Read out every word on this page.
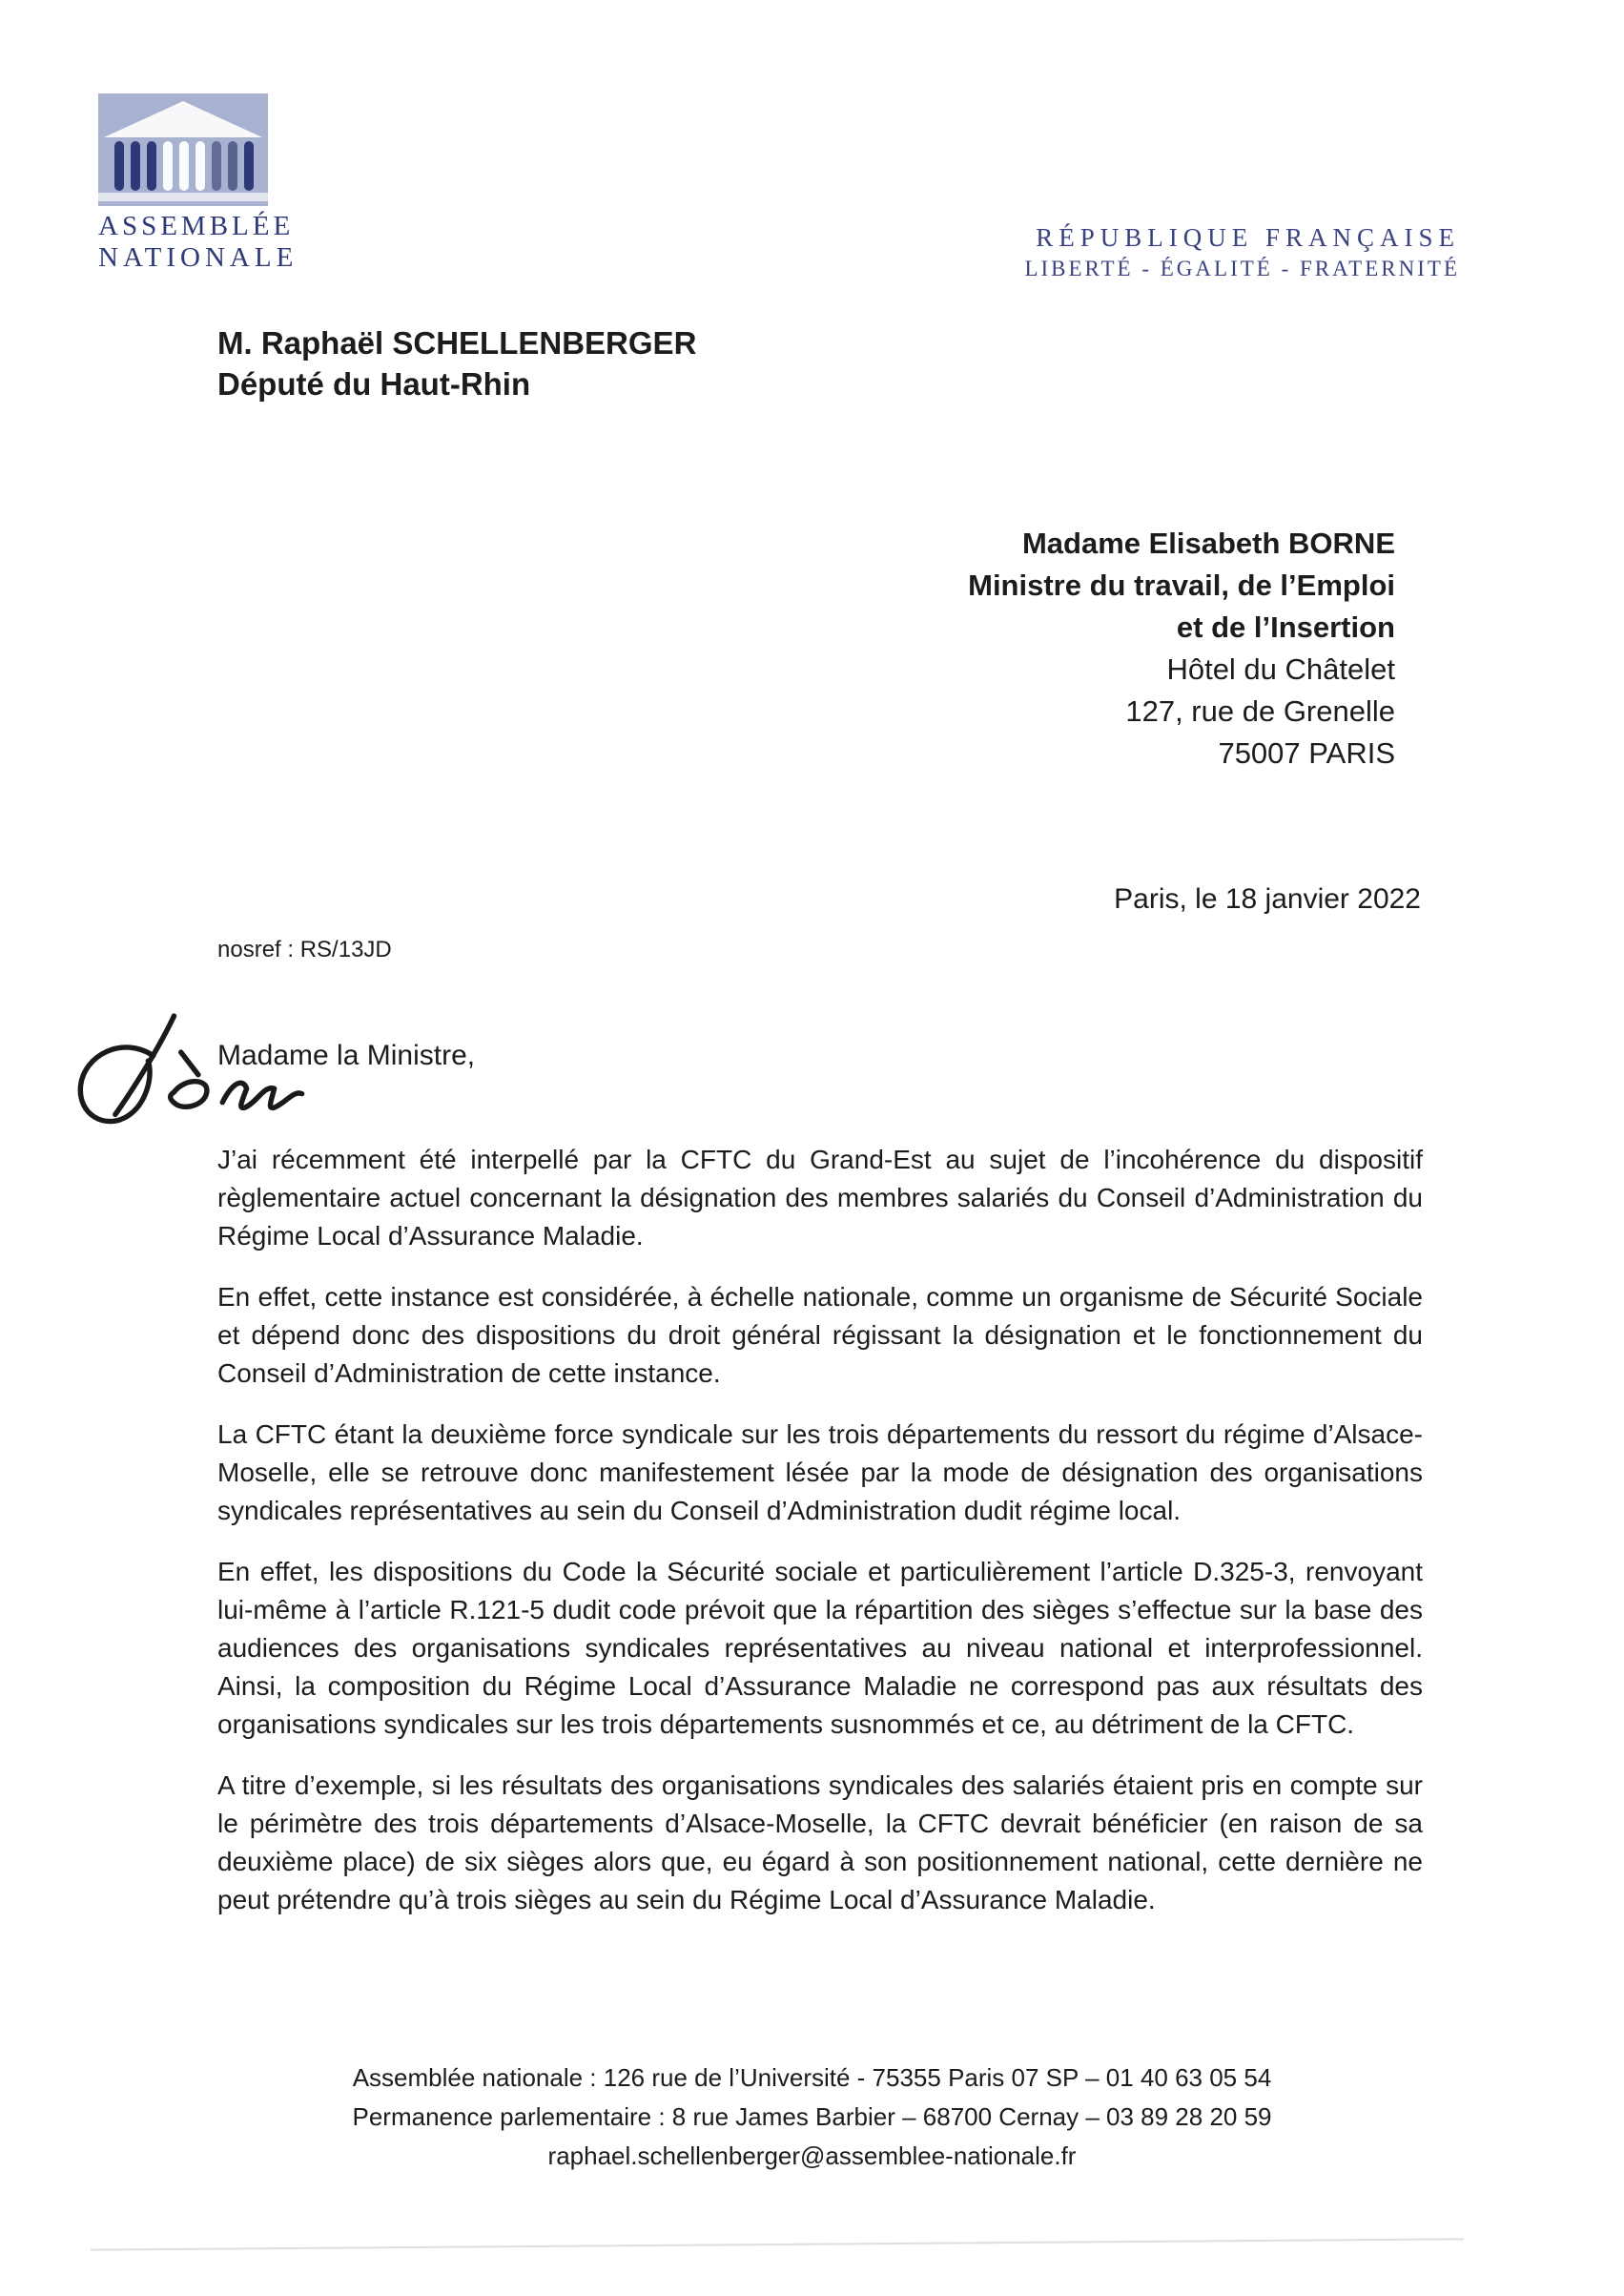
ASSEMBLÉE
NATIONALE
RÉPUBLIQUE FRANÇAISE
LIBERTÉ - ÉGALITÉ - FRATERNITÉ
M. Raphaël SCHELLENBERGER
Député du Haut-Rhin
Madame Elisabeth BORNE
Ministre du travail, de l’Emploi
et de l’Insertion
Hôtel du Châtelet
127, rue de Grenelle
75007 PARIS
Paris, le 18 janvier 2022
nosref : RS/13JD
Madame la Ministre,

J’ai récemment été interpellé par la CFTC du Grand-Est au sujet de l’incohérence du dispositif règlementaire actuel concernant la désignation des membres salariés du Conseil d’Administration du Régime Local d’Assurance Maladie.

En effet, cette instance est considérée, à échelle nationale, comme un organisme de Sécurité Sociale et dépend donc des dispositions du droit général régissant la désignation et le fonctionnement du Conseil d’Administration de cette instance.

La CFTC étant la deuxième force syndicale sur les trois départements du ressort du régime d’Alsace-Moselle, elle se retrouve donc manifestement lésée par la mode de désignation des organisations syndicales représentatives au sein du Conseil d’Administration dudit régime local.

En effet, les dispositions du Code la Sécurité sociale et particulièrement l’article D.325-3, renvoyant lui-même à l’article R.121-5 dudit code prévoit que la répartition des sièges s’effectue sur la base des audiences des organisations syndicales représentatives au niveau national et interprofessionnel. Ainsi, la composition du Régime Local d’Assurance Maladie ne correspond pas aux résultats des organisations syndicales sur les trois départements susnommés et ce, au détriment de la CFTC.

A titre d’exemple, si les résultats des organisations syndicales des salariés étaient pris en compte sur le périmètre des trois départements d’Alsace-Moselle, la CFTC devrait bénéficier (en raison de sa deuxième place) de six sièges alors que, eu égard à son positionnement national, cette dernière ne peut prétendre qu’à trois sièges au sein du Régime Local d’Assurance Maladie.

Assemblée nationale : 126 rue de l’Université - 75355 Paris 07 SP – 01 40 63 05 54
Permanence parlementaire : 8 rue James Barbier – 68700 Cernay – 03 89 28 20 59
raphael.schellenberger@assemblee-nationale.fr
